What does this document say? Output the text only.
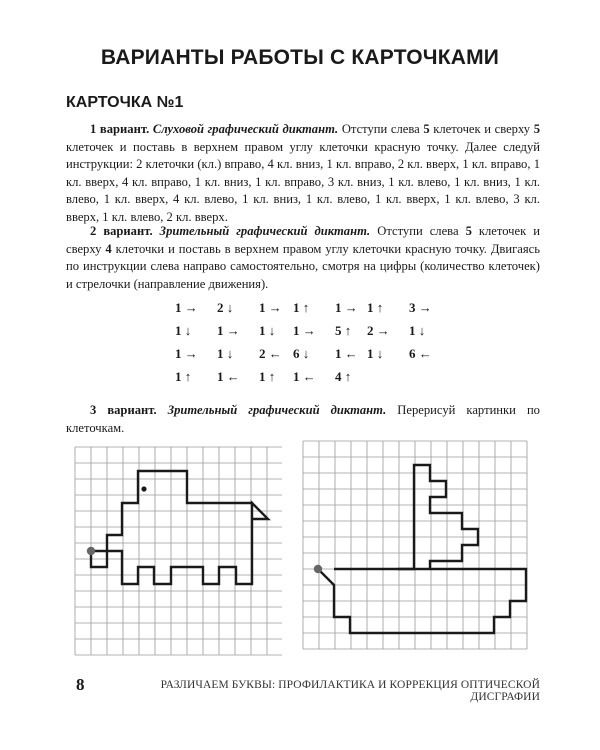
ВАРИАНТЫ РАБОТЫ С КАРТОЧКАМИ
КАРТОЧКА №1
1 вариант. Слуховой графический диктант. Отступи слева 5 клеточек и сверху 5 клеточек и поставь в верхнем правом углу клеточки красную точку. Далее следуй инструкции: 2 клеточки (кл.) вправо, 4 кл. вниз, 1 кл. вправо, 2 кл. вверх, 1 кл. вправо, 1 кл. вверх, 4 кл. вправо, 1 кл. вниз, 1 кл. вправо, 3 кл. вниз, 1 кл. влево, 1 кл. вниз, 1 кл. влево, 1 кл. вверх, 4 кл. влево, 1 кл. вниз, 1 кл. влево, 1 кл. вверх, 1 кл. влево, 3 кл. вверх, 1 кл. влево, 2 кл. вверх.
2 вариант. Зрительный графический диктант. Отступи слева 5 клеточек и сверху 4 клеточки и поставь в верхнем правом углу клеточки красную точку. Двигаясь по инструкции слева направо самостоятельно, смотря на цифры (количество клеточек) и стрелочки (направление движения).
1 → 2 ↓ 1 → 1 ↑ 1 → 1 ↑ 3 →
1 ↓ 1 → 1 ↓ 1 → 5 ↑ 2 → 1 ↓
1 → 1 ↓ 2 ← 6 ↓ 1 ← 1 ↓ 6 ←
1 ↑ 1 ← 1 ↑ 1 ← 4 ↑
3 вариант. Зрительный графический диктант. Перерисуй картинки по клеточкам.
8	РАЗЛИЧАЕМ БУКВЫ: ПРОФИЛАКТИКА И КОРРЕКЦИЯ ОПТИЧЕСКОЙ ДИСГРАФИИ
